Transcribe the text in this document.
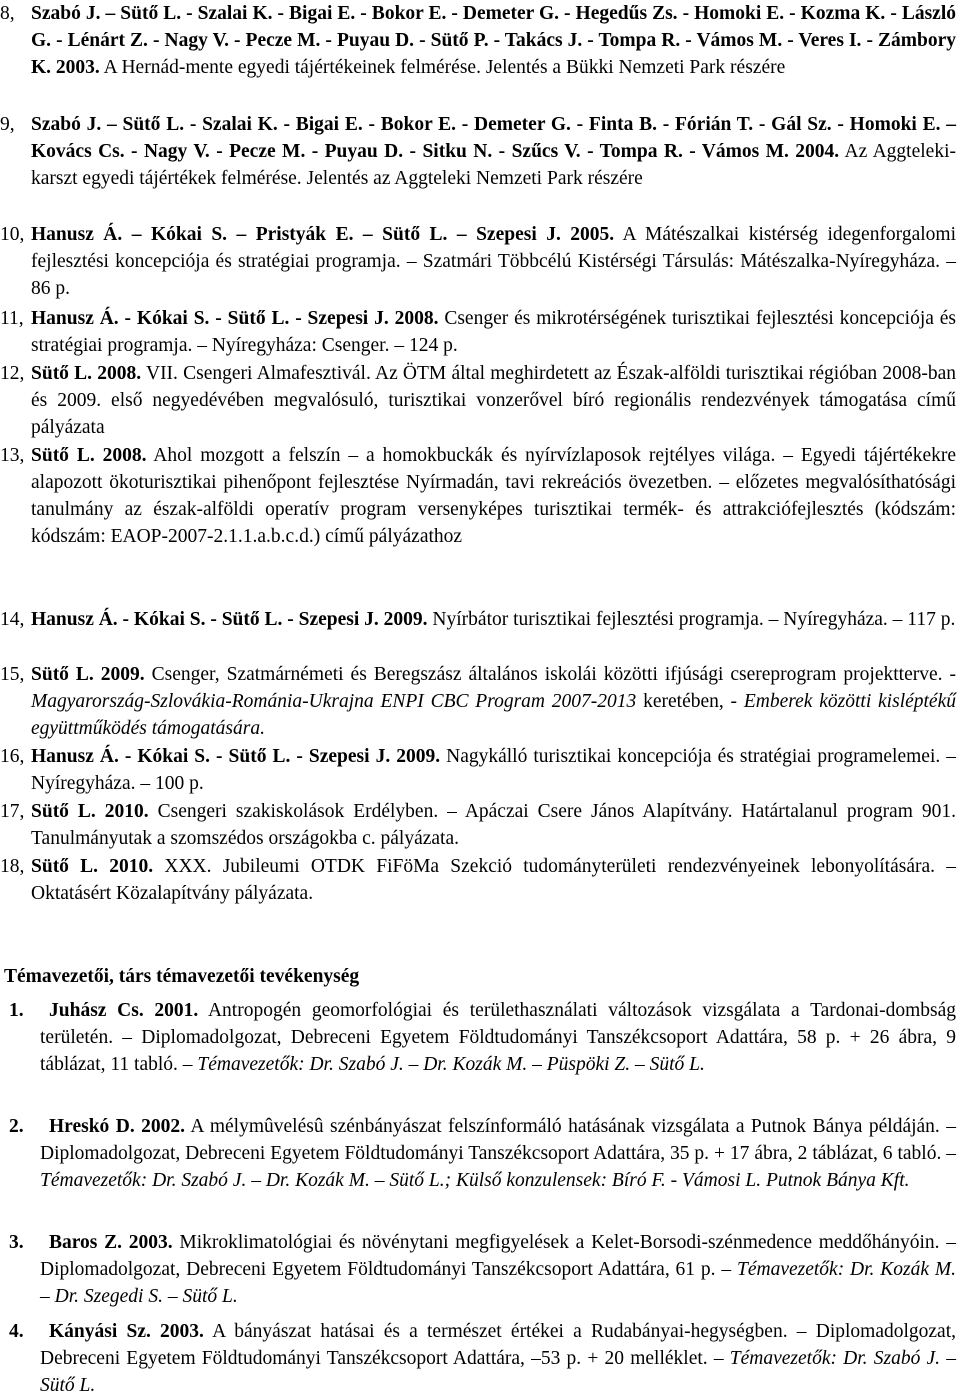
8,Szabó J. – Sütő L. - Szalai K. - Bigai E. - Bokor E. - Demeter G. - Hegedűs Zs. - Homoki E. - Kozma K. - László G. - Lénárt Z. - Nagy V. - Pecze M. - Puyau D. - Sütő P. - Takács J. - Tompa R. - Vámos M. - Veres I. - Zámbory K. 2003. A Hernád-mente egyedi tájértékeinek felmérése. Jelentés a Bükki Nemzeti Park részére

9,Szabó J. – Sütő L. - Szalai K. - Bigai E. - Bokor E. - Demeter G. - Finta B. - Fórián T. - Gál Sz. - Homoki E. –Kovács Cs. - Nagy V. - Pecze M. - Puyau D. - Sitku N. - Szűcs V. - Tompa R. - Vámos M. 2004. Az Aggteleki-karszt egyedi tájértékek felmérése. Jelentés az Aggteleki Nemzeti Park részére

10,Hanusz Á. – Kókai S. – Pristyák E. – Sütő L. – Szepesi J. 2005. A Mátészalkai kistérség idegenforgalomi fejlesztési koncepciója és stratégiai programja. – Szatmári Többcélú Kistérségi Társulás: Mátészalka-Nyíregyháza. – 86 p.

11,Hanusz Á. - Kókai S. - Sütő L. - Szepesi J. 2008. Csenger és mikrotérségének turisztikai fejlesztési koncepciója és stratégiai programja. – Nyíregyháza: Csenger. – 124 p.

12,Sütő L. 2008. VII. Csengeri Almafesztivál. Az ÖTM által meghirdetett az Észak-alföldi turisztikai régióban 2008-ban és 2009. első negyedévében megvalósuló, turisztikai vonzerővel bíró regionális rendezvények támogatása című pályázata

13,Sütő L. 2008. Ahol mozgott a felszín – a homokbuckák és nyírvízlaposok rejtélyes világa. – Egyedi tájértékekre alapozott ökoturisztikai pihenőpont fejlesztése Nyírmadán, tavi rekreációs övezetben. – előzetes megvalósíthatósági tanulmány az észak-alföldi operatív program versenyképes turisztikai termék- és attrakciófejlesztés (kódszám: kódszám: EAOP-2007-2.1.1.a.b.c.d.) című pályázathoz

14,Hanusz Á. - Kókai S. - Sütő L. - Szepesi J. 2009. Nyírbátor turisztikai fejlesztési programja. – Nyíregyháza. – 117 p.

15,Sütő L. 2009. Csenger, Szatmárnémeti és Beregszász általános iskolái közötti ifjúsági csereprogram projektterve. - Magyarország-Szlovákia-Románia-Ukrajna ENPI CBC Program 2007-2013 keretében, - Emberek közötti kisléptékű együttműködés támogatására.

16,Hanusz Á. - Kókai S. - Sütő L. - Szepesi J. 2009. Nagykálló turisztikai koncepciója és stratégiai programelemei. – Nyíregyháza. – 100 p.

17,Sütő L. 2010. Csengeri szakiskolások Erdélyben. – Apáczai Csere János Alapítvány. Határtalanul program 901. Tanulmányutak a szomszédos országokba c. pályázata.

18,Sütő L. 2010. XXX. Jubileumi OTDK FiFöMa Szekció tudományterületi rendezvényeinek lebonyolítására. – Oktatásért Közalapítvány pályázata.

Témavezetői, társ témavezetői tevékenység

1.Juhász Cs. 2001. Antropogén geomorfológiai és területhasználati változások vizsgálata a Tardonai-dombság területén. – Diplomadolgozat, Debreceni Egyetem Földtudományi Tanszékcsoport Adattára, 58 p. + 26 ábra, 9 táblázat, 11 tabló. – Témavezetők: Dr. Szabó J. – Dr. Kozák M. – Püspöki Z. – Sütő L.

2.Hreskó D. 2002. A mélymûvelésû szénbányászat felszínformáló hatásának vizsgálata a Putnok Bánya példáján. – Diplomadolgozat, Debreceni Egyetem Földtudományi Tanszékcsoport Adattára, 35 p. + 17 ábra, 2 táblázat, 6 tabló. – Témavezetők: Dr. Szabó J. – Dr. Kozák M. – Sütő L.; Külső konzulensek: Bíró F. - Vámosi L. Putnok Bánya Kft.

3.Baros Z. 2003. Mikroklimatológiai és növénytani megfigyelések a Kelet-Borsodi-szénmedence meddőhányóin. – Diplomadolgozat, Debreceni Egyetem Földtudományi Tanszékcsoport Adattára, 61 p. – Témavezetők: Dr. Kozák M. – Dr. Szegedi S. – Sütő L.

4.Kányási Sz. 2003. A bányászat hatásai és a természet értékei a Rudabányai-hegységben. – Diplomadolgozat, Debreceni Egyetem Földtudományi Tanszékcsoport Adattára, –53 p. + 20 melléklet. – Témavezetők: Dr. Szabó J. – Sütő L.
